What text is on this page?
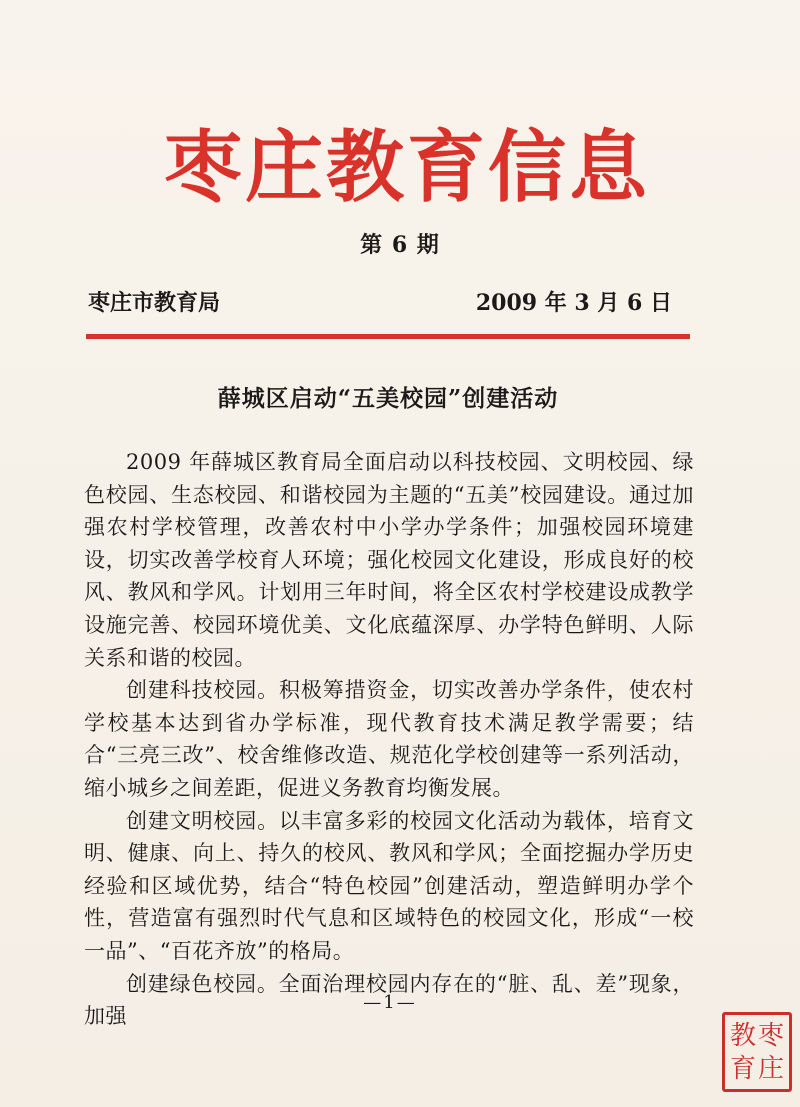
枣庄教育信息
第 6 期
枣庄市教育局	2009 年 3 月 6 日
薛城区启动“五美校园”创建活动

2009 年薛城区教育局全面启动以科技校园、文明校园、绿色校园、生态校园、和谐校园为主题的“五美”校园建设。通过加强农村学校管理，改善农村中小学办学条件；加强校园环境建设，切实改善学校育人环境；强化校园文化建设，形成良好的校风、教风和学风。计划用三年时间，将全区农村学校建设成教学设施完善、校园环境优美、文化底蕴深厚、办学特色鲜明、人际关系和谐的校园。

创建科技校园。积极筹措资金，切实改善办学条件，使农村学校基本达到省办学标准，现代教育技术满足教学需要；结合“三亮三改”、校舍维修改造、规范化学校创建等一系列活动，缩小城乡之间差距，促进义务教育均衡发展。

创建文明校园。以丰富多彩的校园文化活动为载体，培育文明、健康、向上、持久的校风、教风和学风；全面挖掘办学历史经验和区域优势，结合“特色校园”创建活动，塑造鲜明办学个性，营造富有强烈时代气息和区域特色的校园文化，形成“一校一品”、“百花齐放”的格局。

创建绿色校园。全面治理校园内存在的“脏、乱、差”现象，加强

—1—
教 枣
育 庄
